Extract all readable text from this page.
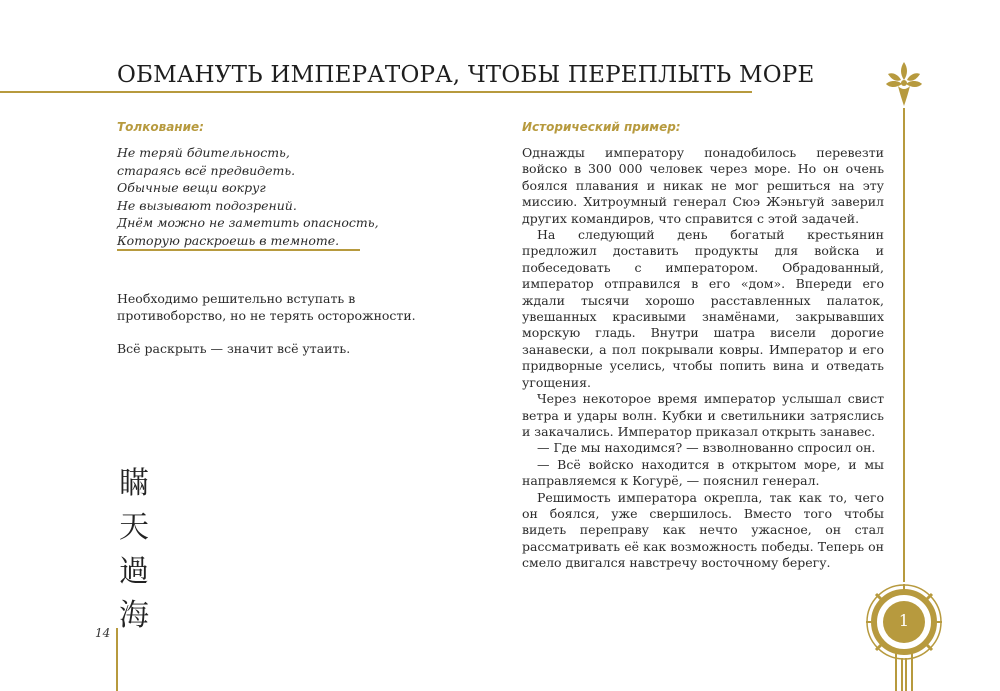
ОБМАНУТЬ ИМПЕРАТОРА, ЧТОБЫ ПЕРЕПЛЫТЬ МОРЕ
Толкование:
Не теряй бдительность,
стараясь всё предвидеть.
Обычные вещи вокруг
Не вызывают подозрений.
Днём можно не заметить опасность,
Которую раскроешь в темноте.
Необходимо решительно вступать в противоборство, но не терять осторожности.
Всё раскрыть — значит всё утаить.
瞞
天
過
海
14
Исторический пример:

Однажды императору понадобилось перевезти войско в 300 000 человек через море. Но он очень боялся плавания и никак не мог решиться на эту миссию. Хитроумный генерал Сюэ Жэньгуй заверил других командиров, что справится с этой задачей.

На следующий день богатый крестьянин предложил доставить продукты для войска и побеседовать с императором. Обрадованный, император отправился в его «дом». Впереди его ждали тысячи хорошо расставленных палаток, увешанных красивыми знамёнами, закрывавших морскую гладь. Внутри шатра висели дорогие занавески, а пол покрывали ковры. Император и его придворные уселись, чтобы попить вина и отведать угощения.

Через некоторое время император услышал свист ветра и удары волн. Кубки и светильники затряслись и закачались. Император приказал открыть занавес.

— Где мы находимся? — взволнованно спросил он.

— Всё войско находится в открытом море, и мы направляемся к Когурё, — пояснил генерал.

Решимость императора окрепла, так как то, чего он боялся, уже свершилось. Вместо того чтобы видеть переправу как нечто ужасное, он стал рассматривать её как возможность победы. Теперь он смело двигался навстречу восточному берегу.

1
